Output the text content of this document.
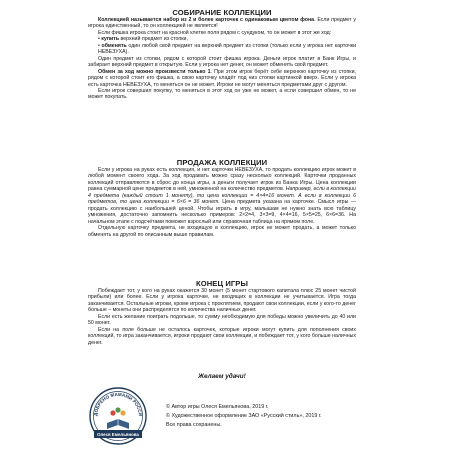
СОБИРАНИЕ КОЛЛЕКЦИИ

Коллекцией называется набор из 2 и более карточек с одинаковым цветом фона. Если предмет у игрока единственный, то он коллекцией не является!

Если фишка игрока стоит на красной клетке поля рядом с сундуком, то он может в этот же ход:

• купить верхний предмет из стопки,

• обменять один любой свой предмет на верхний предмет из стопки (только если у игрока нет карточки НЕВЕЗУХА).

Один предмет из стопки, рядом с которой стоит фишка игрока. Деньги игрок платит в Банк Игры, и забирает верхний предмет в открытую. Если у игрока нет денег, он может обменять свой предмет.

Обмен за ход можно произвести только 1. При этом игрок берёт себе верхнюю карточку из стопки, рядом с которой стоит его фишка, а свою карточку кладёт под низ стопки картинкой вверх. Если у игрока есть карточка НЕВЕЗУХА, то меняться он не может. Игроки не могут меняться предметами друг с другом.

Если игрок совершил покупку, то меняться в этот ход он уже не может, а если совершил обмен, то не может покупать.

ПРОДАЖА КОЛЛЕКЦИИ

Если у игрока на руках есть коллекция, и нет карточки НЕВЕЗУХА, то продать коллекцию игрок может в любой момент своего хода. За ход продавать можно сразу несколько коллекций. Карточки проданных коллекций отправляются в сброс до конца игры, а деньги получает игрок из Банка Игры. Цена коллекции равна суммарной цене предметов в ней, умноженной на количество предметов. Например, если в коллекции 4 предмета (каждый стоит 1 монету), то цена коллекции = 4×4=16 монет. А если в коллекции 6 предметов, то цена коллекции = 6×6 = 36 монет. Цена предмета указана на карточке. Смысл игры — продать коллекцию с наибольшей ценой. Чтобы играть в игру, малышам не нужно знать всю таблицу умножения, достаточно запомнить несколько примеров: 2×2=4, 3×3=9, 4×4=16, 5×5=25, 6×6=36. На начальном этапе с подсчётами поможет взрослый или справочная таблица на прямом поле.

Отдельную карточку предмета, не входящую в коллекцию, игрок не может продать, а может только обменять на другой по описанным выше правилам.

КОНЕЦ ИГРЫ

Побеждает тот, у кого на руках окажется 30 монет (5 монет стартового капитала плюс 25 монет чистой прибыли) или более. Если у игрока карточке, не входящих в коллекции не учитывается. Игра тогда заканчивается. Остальные игроки, кроме игрока с проклятием, продают свои коллекции, если у кого-то денег больше – монеты они распределятся по количества наличных денег.

Если есть желание поиграть подольше, то сумму необходимую для победы можно увеличить до 40 или 50 монет.

Если на поле больше не осталось карточек, которые игроки могут купить для пополнения своих коллекций, то игра заканчивается, игроки продают свои коллекции, и побеждает тот, у кого больше наличных денег.

Желаем удачи!
ДОБРЕНО МАМАМИ РОССИ
Олеся Емельянова
© Автор игры Олеся Емельянова, 2019 г.
© Художественное оформление ЗАО «Русский стиль», 2019 г.
Все права сохранены.
